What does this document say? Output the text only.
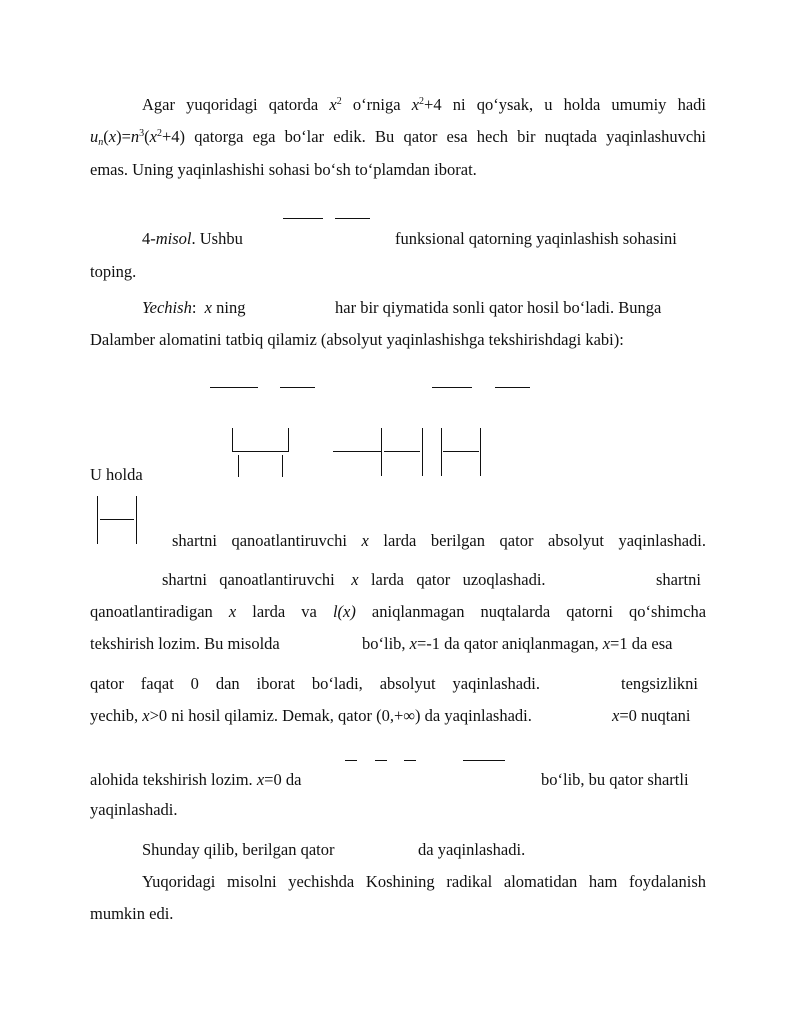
Agar yuqoridagi qatorda $x^2$ o‘rniga $x^2+4$ ni qo‘ysak, u holda umumiy hadi
$u_n(x)=n^3(x^2+4)$ qatorga ega bo‘lar edik. Bu qator esa hech bir nuqtada yaqinlashuvchi
emas. Uning yaqinlashishi sohasi bo‘sh to‘plamdan iborat.
4-misol. Ushbu	funksional qatorning yaqinlashish sohasini
toping.
Yechish: x ning	har bir qiymatida sonli qator hosil bo‘ladi. Bunga
Dalamber alomatini tatbiq qilamiz (absolyut yaqinlashishga tekshirishdagi kabi):
U holda
shartni qanoatlantiruvchi x larda berilgan qator absolyut yaqinlashadi.
shartni qanoatlantiruvchi x larda qator uzoqlashadi.	shartni
qanoatlantiradigan x larda va l(x) aniqlanmagan nuqtalarda qatorni qo‘shimcha
tekshirish lozim. Bu misolda	bo‘lib, x=-1 da qator aniqlanmagan, x=1 da esa
qator faqat 0 dan iborat bo‘ladi, absolyut yaqinlashadi.	tengsizlikni
yechib, x>0 ni hosil qilamiz. Demak, qator (0,+∞) da yaqinlashadi.	x=0 nuqtani
alohida tekshirish lozim. x=0 da	bo‘lib, bu qator shartli
yaqinlashadi.
Shunday qilib, berilgan qator	da yaqinlashadi.
Yuqoridagi misolni yechishda Koshining radikal alomatidan ham foydalanish
mumkin edi.
